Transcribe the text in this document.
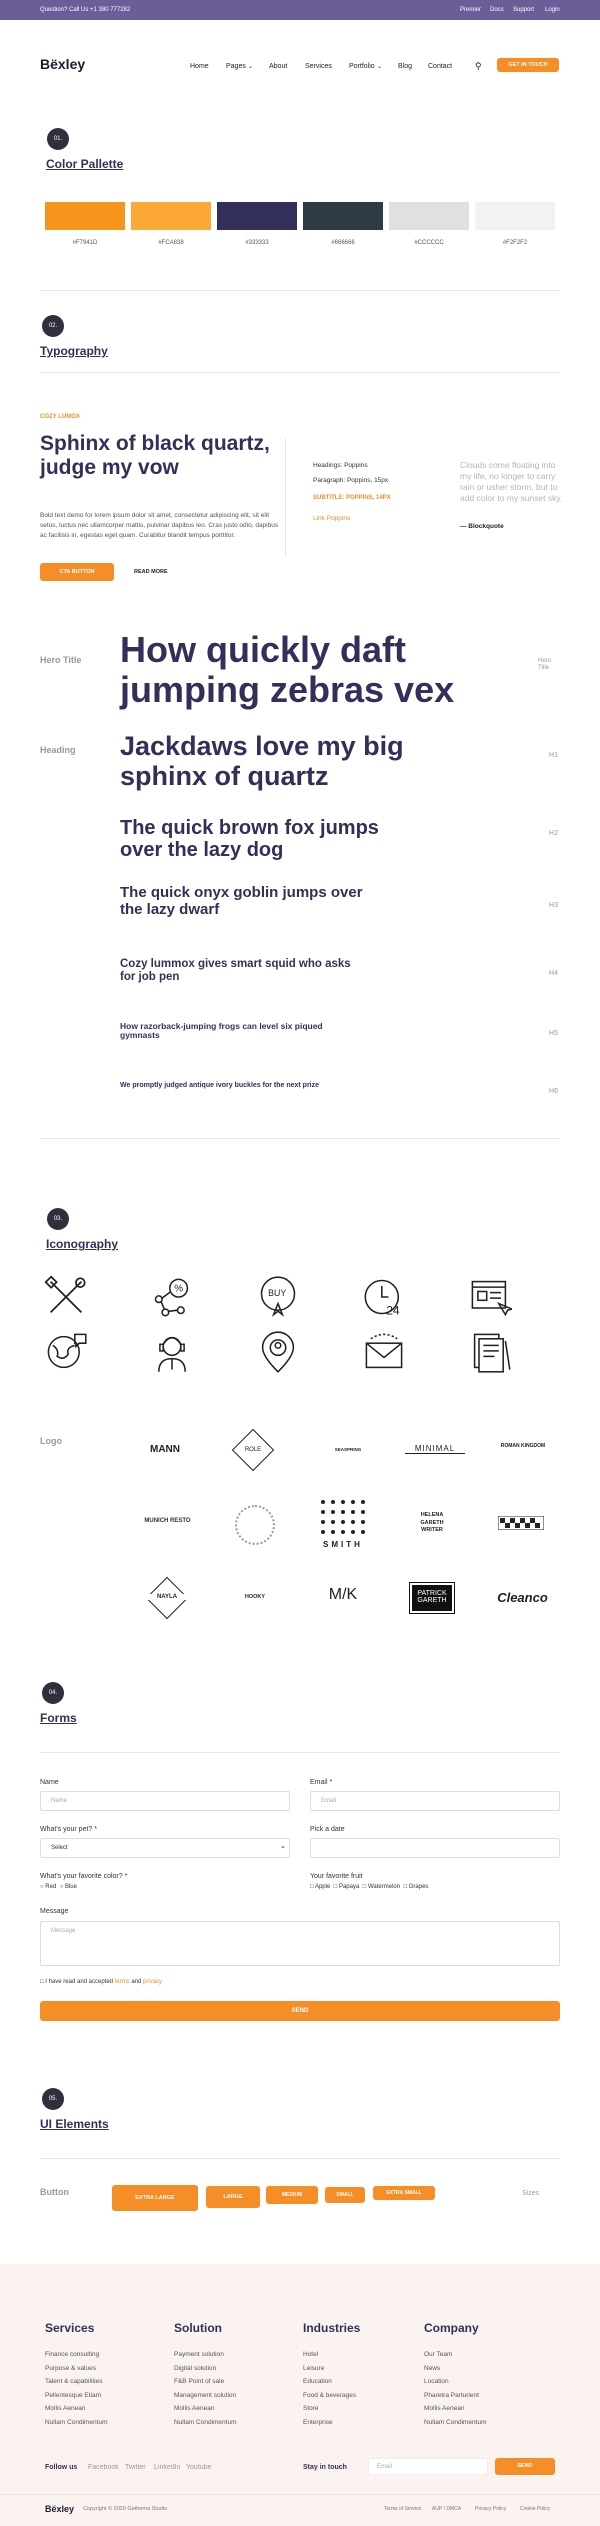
Question? Call Us +1 380 777282	Premier Docs Support Login
Bëxley	Home Pages ⌄ About	Services Portfolio ⌄ Blog Contact	⚲	GET IN TOUCH
01.
Color Pallette
#F7941D	#FCA838	#333333	#666666	#CCCCCC	#F2F2F2
02.
Typography
COZY LUMOX
Sphinx of black quartz, judge my vow
Bold text demo for lorem ipsum dolor sit amet, consectetur adipiscing elit, sit elit setus, luctus nec ullamcorper mattis, pulvinar dapibus leo. Cras justo odio, dapibus ac facilisis in, egestas eget quam. Curabitur blandit tempus porttitor.
CTA BUTTON	READ MORE
Headings: Poppins
Paragraph: Poppins, 15px
SUBTITLE: POPPINS, 14PX
Link Poppins
Clouds come floating into my life, no longer to carry rain or usher storm, but to add color to my sunset sky.
— Blockquote
Hero Title	Hero Title
How quickly daft jumping zebras vex
Heading Jackdaws love my big sphinx of quartz
H1
The quick brown fox jumps over the lazy dog
H2
The quick onyx goblin jumps over the lazy dwarf	H3
Cozy lummox gives smart squid who asks for job pen	H4
How razorback-jumping frogs can level six piqued gymnasts	H5
We promptly judged antique ivory buckles for the next prize
H6
03.
Iconography
%	BUY
24
Logo
MANN	ROLE	SEASPRING	MINIMAL	ROMAN KINGDOM
MUNICH RESTO
SMITH
HELENA GARETH WRITER
NAYLA	HOOKY	M/K	PATRICK GARETH	Cleanco
04.
Forms
Name
Name
Email *
Email
What's your pet? *
Select	⌄
Pick a date
What's your favorite color? *
○ Red ○ Blue
Your favorite fruit
□ Apple □ Papaya □ Watermelon □ Grapes
Message
Message
□ I have read and accepted terms and privacy
SEND
05.
UI Elements
Button
EXTRA LARGE	LARGE	MEDIUM	SMALL	EXTRA SMALL	Sizes
Services
Finance consulting
Purpose & values
Talent & capabilities
Pellentesque Etiam
Mollis Aenean
Nullam Condimentum
Solution
Payment solution
Digital solution
F&B Point of sale
Management solution
Mollis Aenean
Nullam Condimentum
Industries
Hotel
Leisure
Education
Food & beverages
Store
Enterprise
Company
Our Team
News
Location
Pharetra Parturient
Mollis Aenean
Nullam Condimentum
Follow us Facebook Twitter LinkedIn Youtube	Stay in touch	Email	SEND
Bëxley Copyright © 2020 Gethema Studio	Terms of Service AUP / DMCA	Privacy Policy	Cookie Policy
